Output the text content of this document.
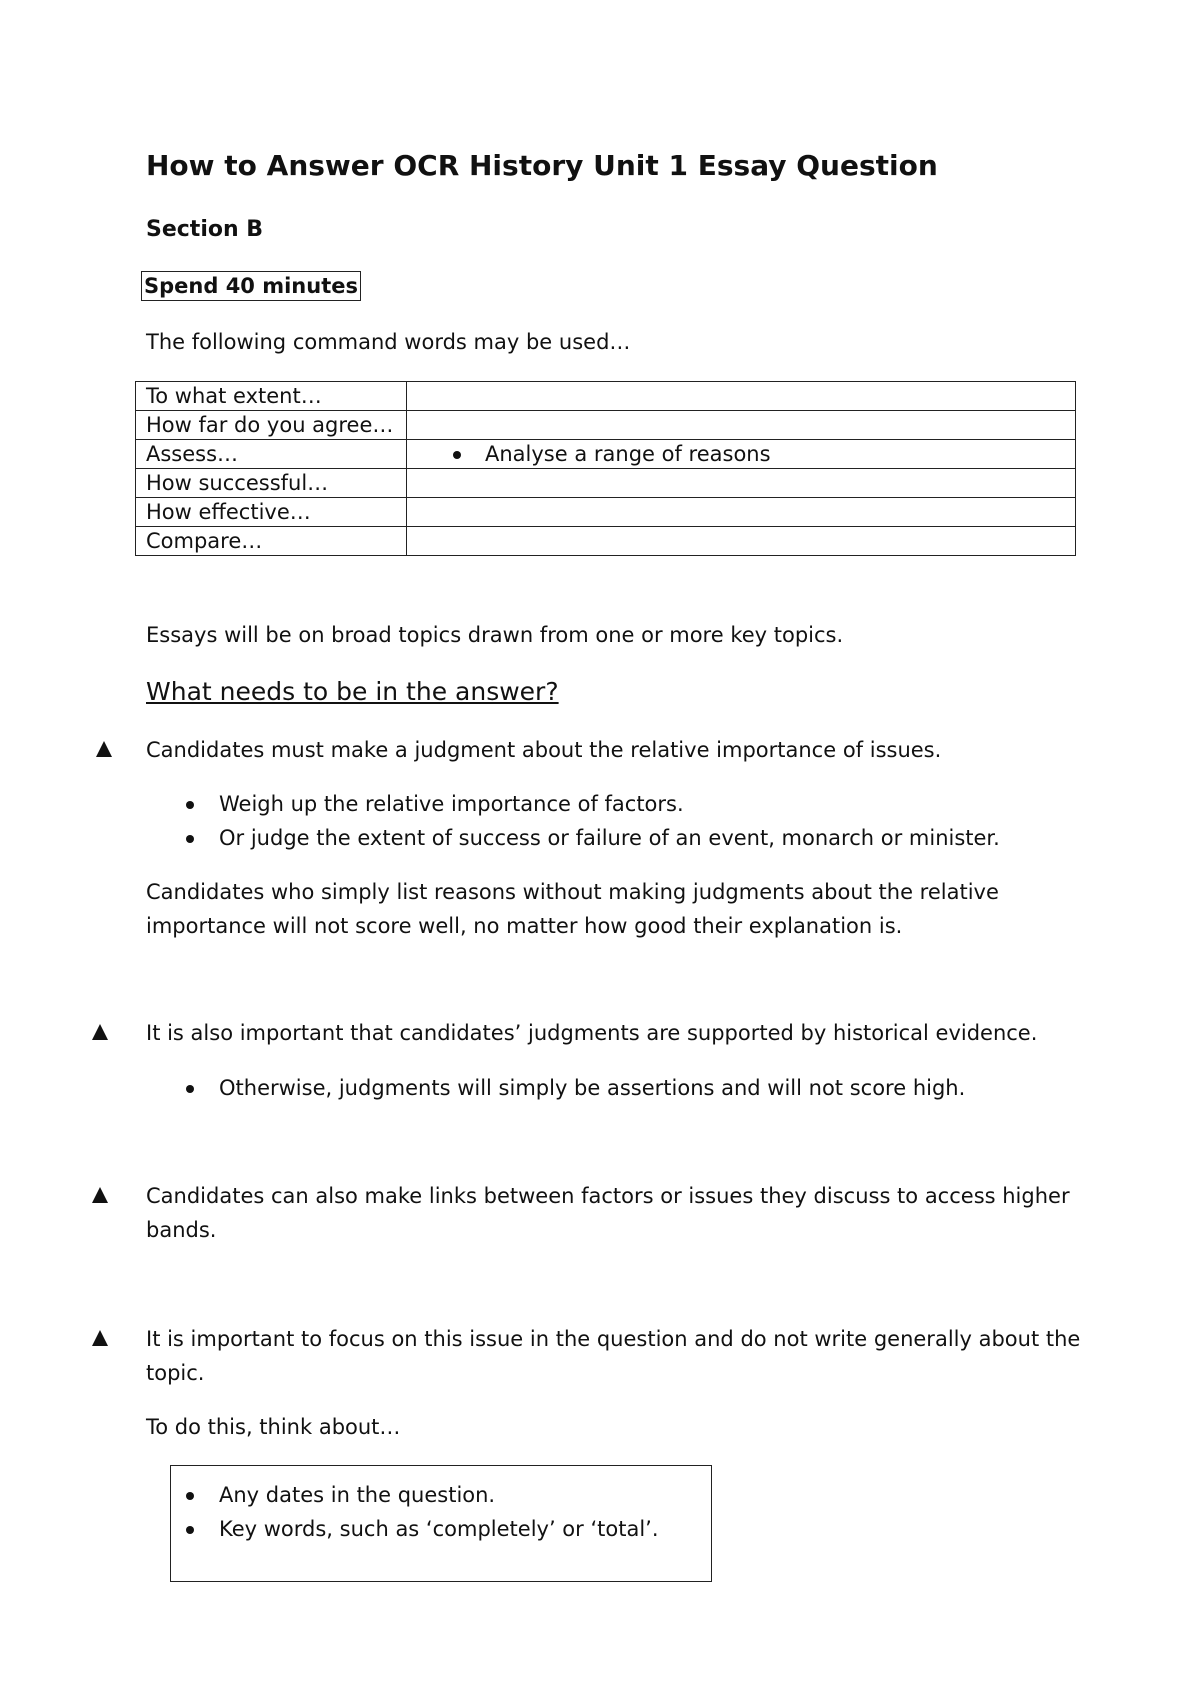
How to Answer OCR History Unit 1 Essay Question
Section B
Spend 40 minutes
The following command words may be used…
To what extent…	
How far do you agree…	
Assess…	Analyse a range of reasons
How successful…	
How effective…	
Compare…	
Essays will be on broad topics drawn from one or more key topics.
What needs to be in the answer?
Candidates must make a judgment about the relative importance of issues.
Weigh up the relative importance of factors.
Or judge the extent of success or failure of an event, monarch or minister.
Candidates who simply list reasons without making judgments about the relative
importance will not score well, no matter how good their explanation is.
It is also important that candidates’ judgments are supported by historical evidence.
Otherwise, judgments will simply be assertions and will not score high.
Candidates can also make links between factors or issues they discuss to access higher
bands.
It is important to focus on this issue in the question and do not write generally about the
topic.
To do this, think about…
Any dates in the question.
Key words, such as ‘completely’ or ‘total’.
